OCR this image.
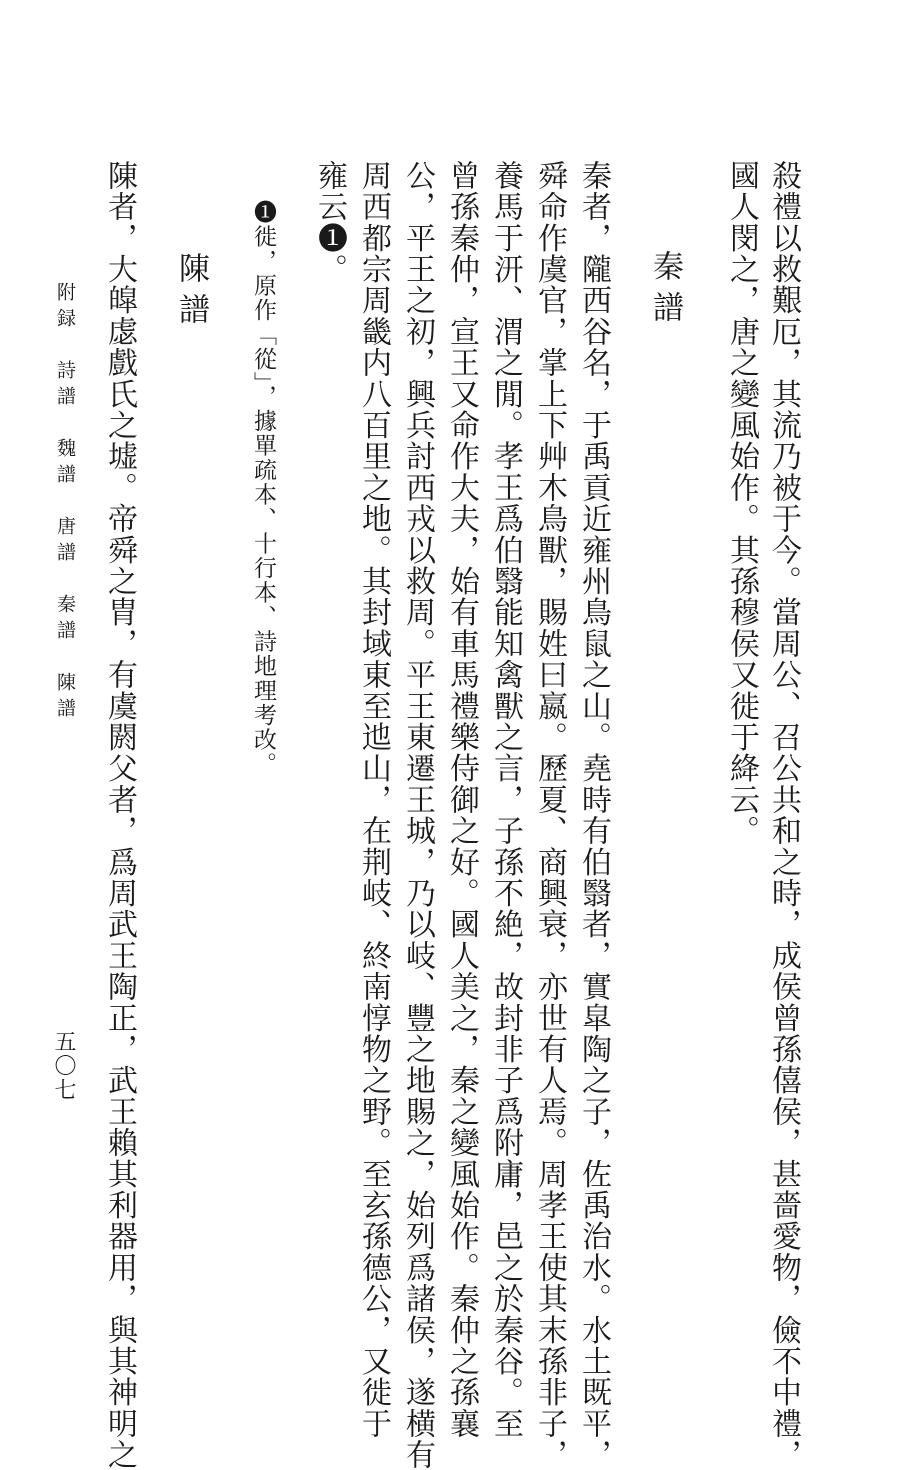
殺禮以救艱厄，其流乃被于今。當周公、召公共和之時，成侯曾孫僖侯，甚嗇愛物，儉不中禮，

國人閔之，唐之變風始作。其孫穆侯又徙于絳云。

秦譜

秦者，隴西谷名，于禹貢近雍州鳥鼠之山。堯時有伯翳者，實皐陶之子，佐禹治水。水土既平，

舜命作虞官，掌上下艸木鳥獸，賜姓曰嬴。歷夏、商興衰，亦世有人焉。周孝王使其末孫非子，

養馬于汧、渭之閒。孝王爲伯翳能知禽獸之言，子孫不絶，故封非子爲附庸，邑之於秦谷。至

曾孫秦仲，宣王又命作大夫，始有車馬禮樂侍御之好。國人美之，秦之變風始作。秦仲之孫襄

公，平王之初，興兵討西戎以救周。平王東遷王城，乃以岐、豐之地賜之，始列爲諸侯，遂横有

周西都宗周畿内八百里之地。其封域東至迆山，在荆岐、終南惇物之野。至玄孫德公，又徙于

雍云❶。

❶徙，原作「從」，據單疏本、十行本、詩地理考改。

陳譜

陳者，大皡虙戲氏之墟。帝舜之胄，有虞閼父者，爲周武王陶正，武王賴其利器用，與其神明之

附録　詩譜　魏譜　唐譜　秦譜　陳譜

五〇七
